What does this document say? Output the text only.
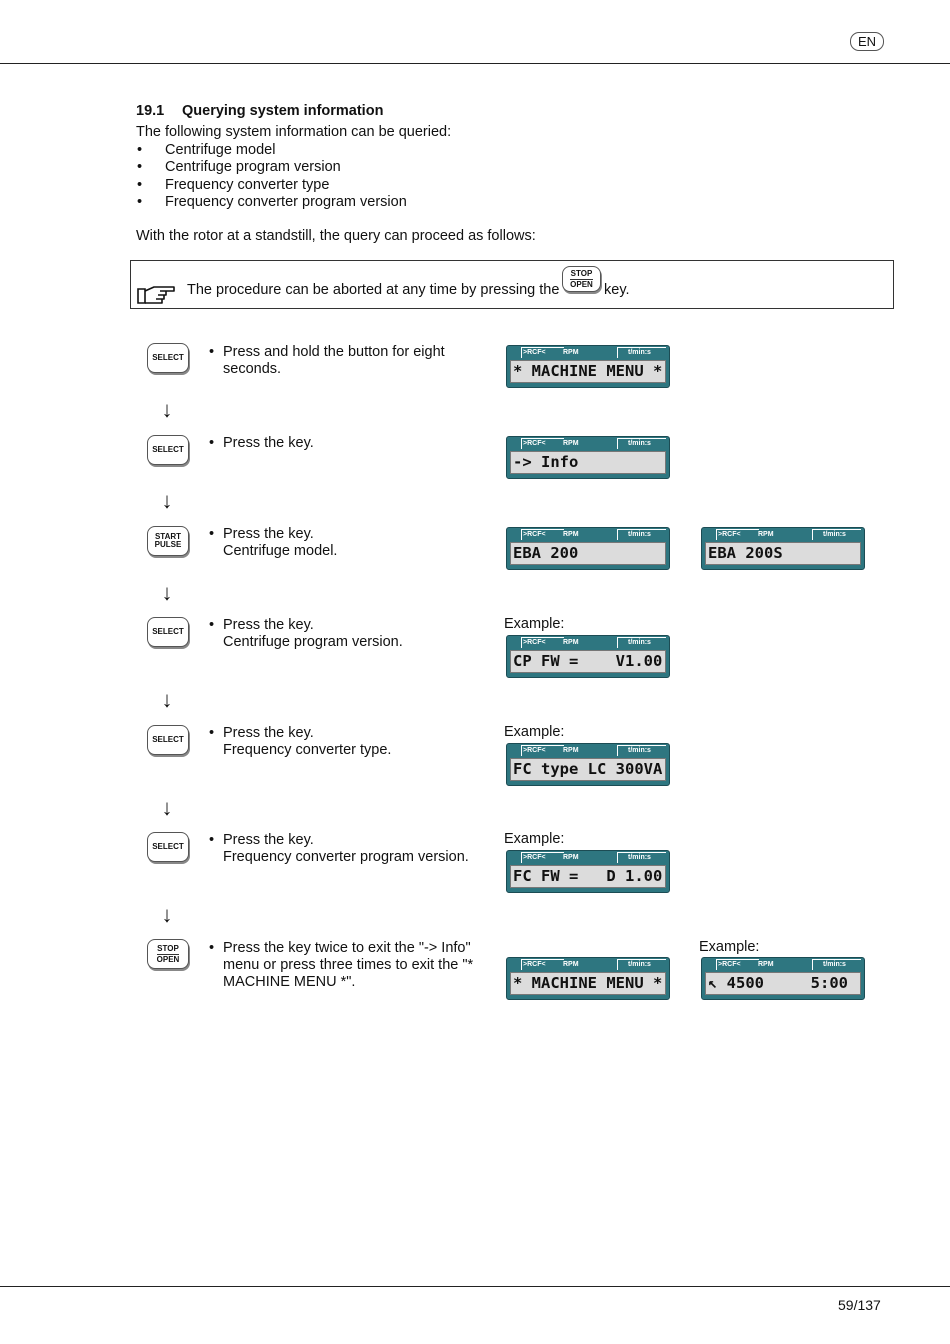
EN
19.1 Querying system information
The following system information can be queried:
• Centrifuge model
• Centrifuge program version
• Frequency converter type
• Frequency converter program version
With the rotor at a standstill, the query can proceed as follows:
The procedure can be aborted at any time by pressing the
STOP
OPEN key.
SELECT • Press and hold the button for eight
seconds.
>RCF< RPM	t/min:s
* MACHINE MENU *
↓
SELECT • Press the key.	>RCF< RPM	t/min:s
-> Info
↓
START
PULSE
• Press the key.
Centrifuge model.
>RCF< RPM	t/min:s
EBA 200
>RCF< RPM	t/min:s
EBA 200S
↓
SELECT • Press the key.
Centrifuge program version.
Example:
>RCF< RPM	t/min:s
CP FW =    V1.00
↓
SELECT • Press the key.
Frequency converter type.
Example:
>RCF< RPM	t/min:s
FC type LC 300VA
↓
SELECT • Press the key.
Frequency converter program version.
Example:
>RCF< RPM	t/min:s
FC FW =   D 1.00
↓
STOP
OPEN
• Press the key twice to exit the "-> Info"
menu or press three times to exit the "*
MACHINE MENU *".
>RCF< RPM	t/min:s
* MACHINE MENU *
Example:
>RCF< RPM	t/min:s
↖ 4500     5:00
59/137
